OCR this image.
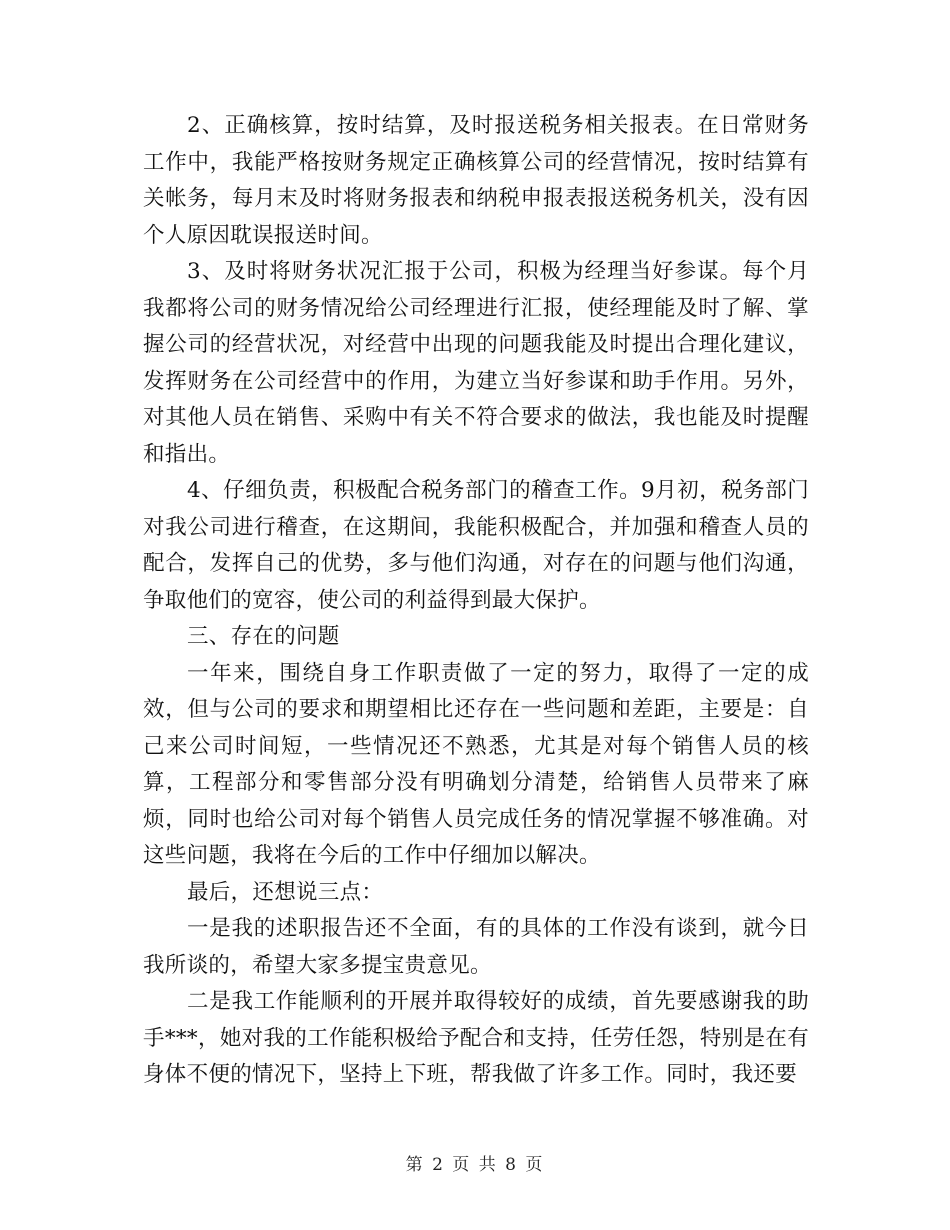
2、正确核算，按时结算，及时报送税务相关报表。在日常财务工作中，我能严格按财务规定正确核算公司的经营情况，按时结算有关帐务，每月末及时将财务报表和纳税申报表报送税务机关，没有因个人原因耽误报送时间。

3、及时将财务状况汇报于公司，积极为经理当好参谋。每个月我都将公司的财务情况给公司经理进行汇报，使经理能及时了解、掌握公司的经营状况，对经营中出现的问题我能及时提出合理化建议，发挥财务在公司经营中的作用，为建立当好参谋和助手作用。另外，对其他人员在销售、采购中有关不符合要求的做法，我也能及时提醒和指出。

4、仔细负责，积极配合税务部门的稽查工作。9月初，税务部门对我公司进行稽查，在这期间，我能积极配合，并加强和稽查人员的配合，发挥自己的优势，多与他们沟通，对存在的问题与他们沟通，争取他们的宽容，使公司的利益得到最大保护。

三、存在的问题

一年来，围绕自身工作职责做了一定的努力，取得了一定的成效，但与公司的要求和期望相比还存在一些问题和差距，主要是：自己来公司时间短，一些情况还不熟悉，尤其是对每个销售人员的核算，工程部分和零售部分没有明确划分清楚，给销售人员带来了麻烦，同时也给公司对每个销售人员完成任务的情况掌握不够准确。对这些问题，我将在今后的工作中仔细加以解决。

最后，还想说三点：

一是我的述职报告还不全面，有的具体的工作没有谈到，就今日我所谈的，希望大家多提宝贵意见。

二是我工作能顺利的开展并取得较好的成绩，首先要感谢我的助手***，她对我的工作能积极给予配合和支持，任劳任怨，特别是在有身体不便的情况下，坚持上下班，帮我做了许多工作。同时，我还要

第 2 页 共 8 页
